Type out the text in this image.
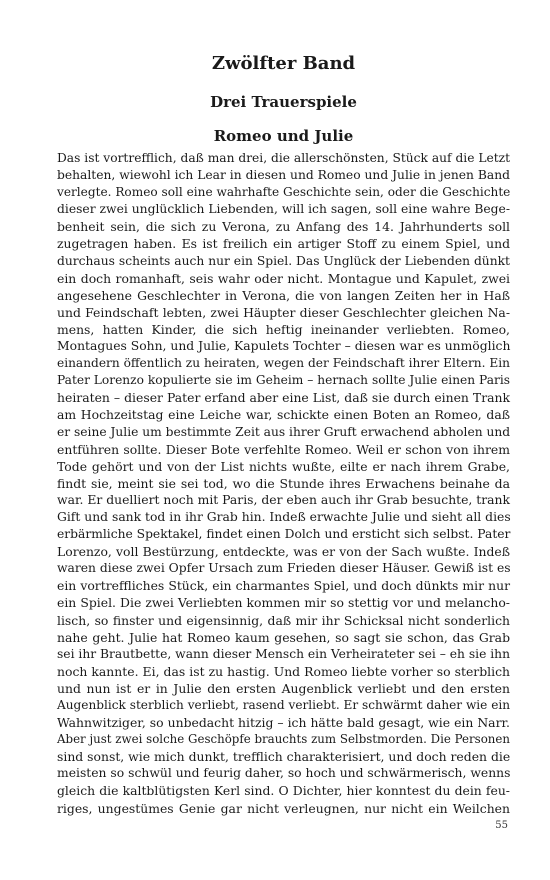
Zwölfter Band
Drei Trauerspiele
Romeo und Julie

Das ist vortrefflich, daß man drei, die allerschönsten, Stück auf die Letzt
behalten, wiewohl ich Lear in diesen und Romeo und Julie in jenen Band
verlegte. Romeo soll eine wahrhafte Geschichte sein, oder die Geschichte
dieser zwei unglücklich Liebenden, will ich sagen, soll eine wahre Bege-
benheit sein, die sich zu Verona, zu Anfang des 14. Jahrhunderts soll
zugetragen haben. Es ist freilich ein artiger Stoff zu einem Spiel, und
durchaus scheints auch nur ein Spiel. Das Unglück der Liebenden dünkt
ein doch romanhaft, seis wahr oder nicht. Montague und Kapulet, zwei
angesehene Geschlechter in Verona, die von langen Zeiten her in Haß
und Feindschaft lebten, zwei Häupter dieser Geschlechter gleichen Na-
mens, hatten Kinder, die sich heftig ineinander verliebten. Romeo,
Montagues Sohn, und Julie, Kapulets Tochter – diesen war es unmöglich
einandern öffentlich zu heiraten, wegen der Feindschaft ihrer Eltern. Ein
Pater Lorenzo kopulierte sie im Geheim – hernach sollte Julie einen Paris
heiraten – dieser Pater erfand aber eine List, daß sie durch einen Trank
am Hochzeitstag eine Leiche war, schickte einen Boten an Romeo, daß
er seine Julie um bestimmte Zeit aus ihrer Gruft erwachend abholen und
entführen sollte. Dieser Bote verfehlte Romeo. Weil er schon von ihrem
Tode gehört und von der List nichts wußte, eilte er nach ihrem Grabe,
findt sie, meint sie sei tod, wo die Stunde ihres Erwachens beinahe da
war. Er duelliert noch mit Paris, der eben auch ihr Grab besuchte, trank
Gift und sank tod in ihr Grab hin. Indeß erwachte Julie und sieht all dies
erbärmliche Spektakel, findet einen Dolch und ersticht sich selbst. Pater
Lorenzo, voll Bestürzung, entdeckte, was er von der Sach wußte. Indeß
waren diese zwei Opfer Ursach zum Frieden dieser Häuser. Gewiß ist es
ein vortreffliches Stück, ein charmantes Spiel, und doch dünkts mir nur
ein Spiel. Die zwei Verliebten kommen mir so stettig vor und melancho-
lisch, so finster und eigensinnig, daß mir ihr Schicksal nicht sonderlich
nahe geht. Julie hat Romeo kaum gesehen, so sagt sie schon, das Grab
sei ihr Brautbette, wann dieser Mensch ein Verheirateter sei – eh sie ihn
noch kannte. Ei, das ist zu hastig. Und Romeo liebte vorher so sterblich
und nun ist er in Julie den ersten Augenblick verliebt und den ersten
Augenblick sterblich verliebt, rasend verliebt. Er schwärmt daher wie ein
Wahnwitziger, so unbedacht hitzig – ich hätte bald gesagt, wie ein Narr.
Aber just zwei solche Geschöpfe brauchts zum Selbstmorden. Die Personen
sind sonst, wie mich dunkt, trefflich charakterisiert, und doch reden die
meisten so schwül und feurig daher, so hoch und schwärmerisch, wenns
gleich die kaltblütigsten Kerl sind. O Dichter, hier konntest du dein feu-
riges, ungestümes Genie gar nicht verleugnen, nur nicht ein Weilchen

55
